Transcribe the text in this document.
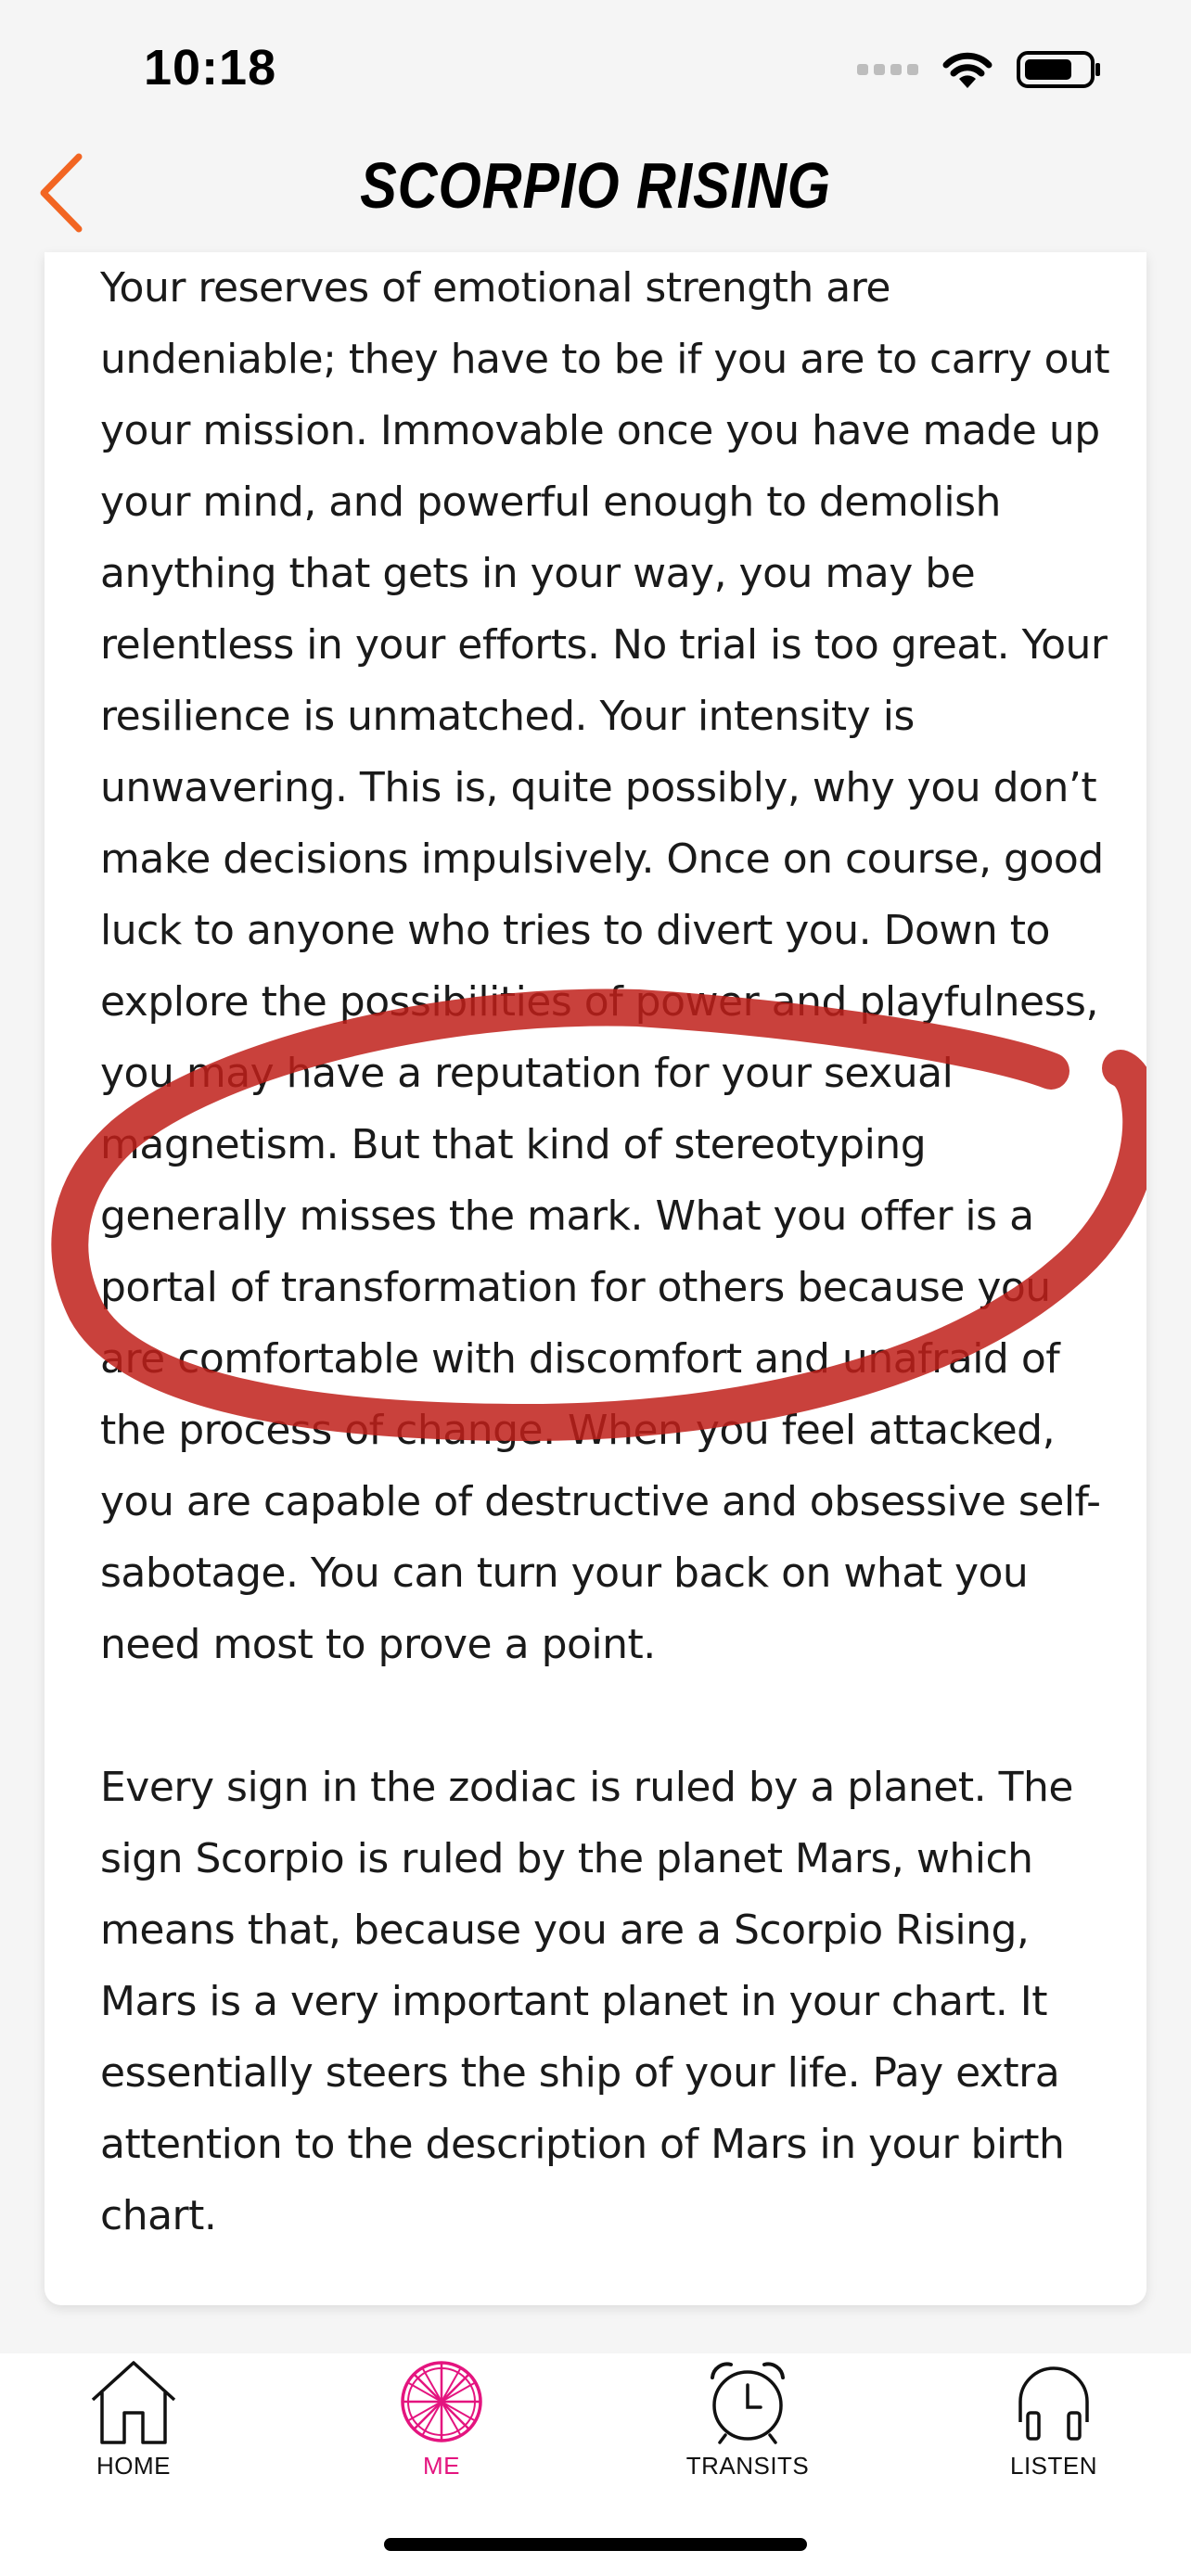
10:18
SCORPIO RISING

Your reserves of emotional strength are undeniable; they have to be if you are to carry out your mission. Immovable once you have made up your mind, and powerful enough to demolish anything that gets in your way, you may be relentless in your efforts. No trial is too great. Your resilience is unmatched. Your intensity is unwavering. This is, quite possibly, why you don’t make decisions impulsively. Once on course, good luck to anyone who tries to divert you. Down to explore the possibilities of power and playfulness, you may have a reputation for your sexual magnetism. But that kind of stereotyping generally misses the mark. What you offer is a portal of transformation for others because you are comfortable with discomfort and unafraid of the process of change. When you feel attacked, you are capable of destructive and obsessive self-sabotage. You can turn your back on what you need most to prove a point.

Every sign in the zodiac is ruled by a planet. The sign Scorpio is ruled by the planet Mars, which means that, because you are a Scorpio Rising, Mars is a very important planet in your chart. It essentially steers the ship of your life. Pay extra attention to the description of Mars in your birth chart.

HOME	ME	TRANSITS	LISTEN
